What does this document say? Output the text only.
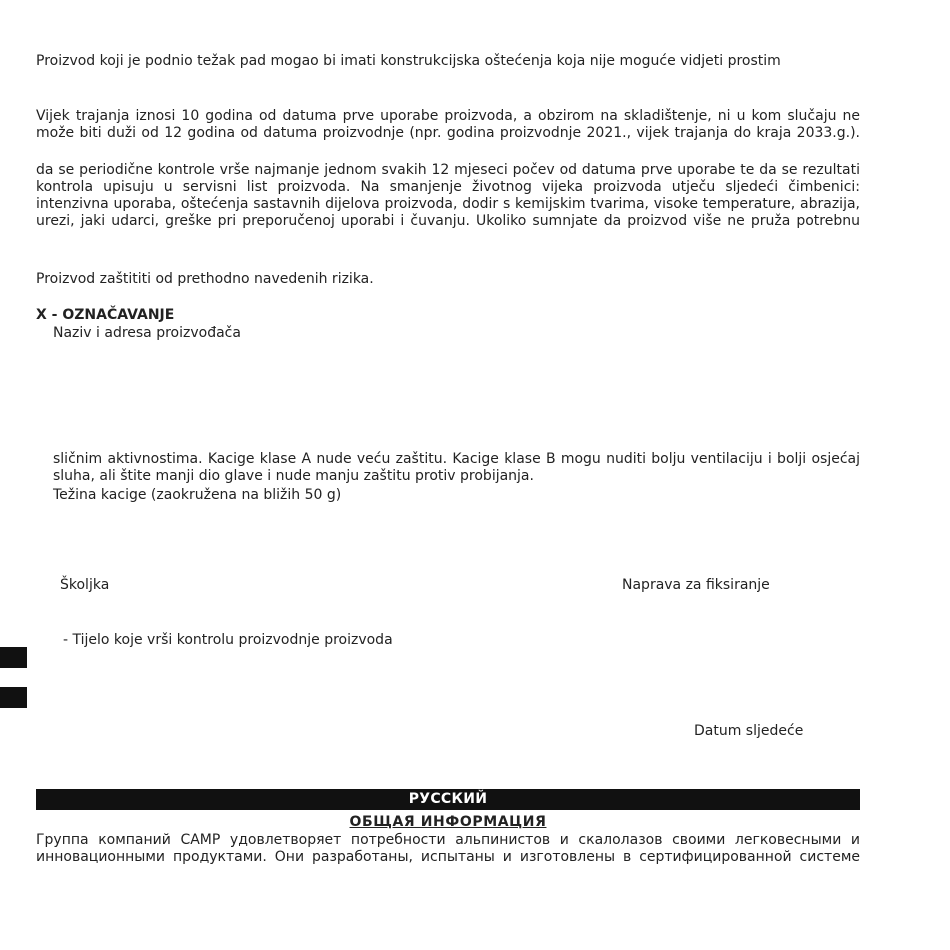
Proizvod koji je podnio težak pad mogao bi imati konstrukcijska oštećenja koja nije moguće vidjeti prostim

Vijek trajanja iznosi 10 godina od datuma prve uporabe proizvoda, a obzirom na skladištenje, ni u kom slučaju ne
može biti duži od 12 godina od datuma proizvodnje (npr. godina proizvodnje 2021., vijek trajanja do kraja 2033.g.).
da se periodične kontrole vrše najmanje jednom svakih 12 mjeseci počev od datuma prve uporabe te da se rezultati
kontrola upisuju u servisni list proizvoda. Na smanjenje životnog vijeka proizvoda utječu sljedeći čimbenici:
intenzivna uporaba, oštećenja sastavnih dijelova proizvoda, dodir s kemijskim tvarima, visoke temperature, abrazija,
urezi, jaki udarci, greške pri preporučenoj uporabi i čuvanju. Ukoliko sumnjate da proizvod više ne pruža potrebnu

Proizvod zaštititi od prethodno navedenih rizika.

X - OZNAČAVANJE
Naziv i adresa proizvođača
sličnim aktivnostima. Kacige klase A nude veću zaštitu. Kacige klase B mogu nuditi bolju ventilaciju i bolji osjećaj
sluha, ali štite manji dio glave i nude manju zaštitu protiv probijanja.
Težina kacige (zaokružena na bližih 50 g)
Školjka	Naprava za fiksiranje
- Tijelo koje vrši kontrolu proizvodnje proizvoda
Datum sljedeće
РУССКИЙ
ОБЩАЯ ИНФОРМАЦИЯ
Группа компаний CAMP удовлетворяет потребности альпинистов и скалолазов своими легковесными и
инновационными продуктами. Они разработаны, испытаны и изготовлены в сертифицированной системе
